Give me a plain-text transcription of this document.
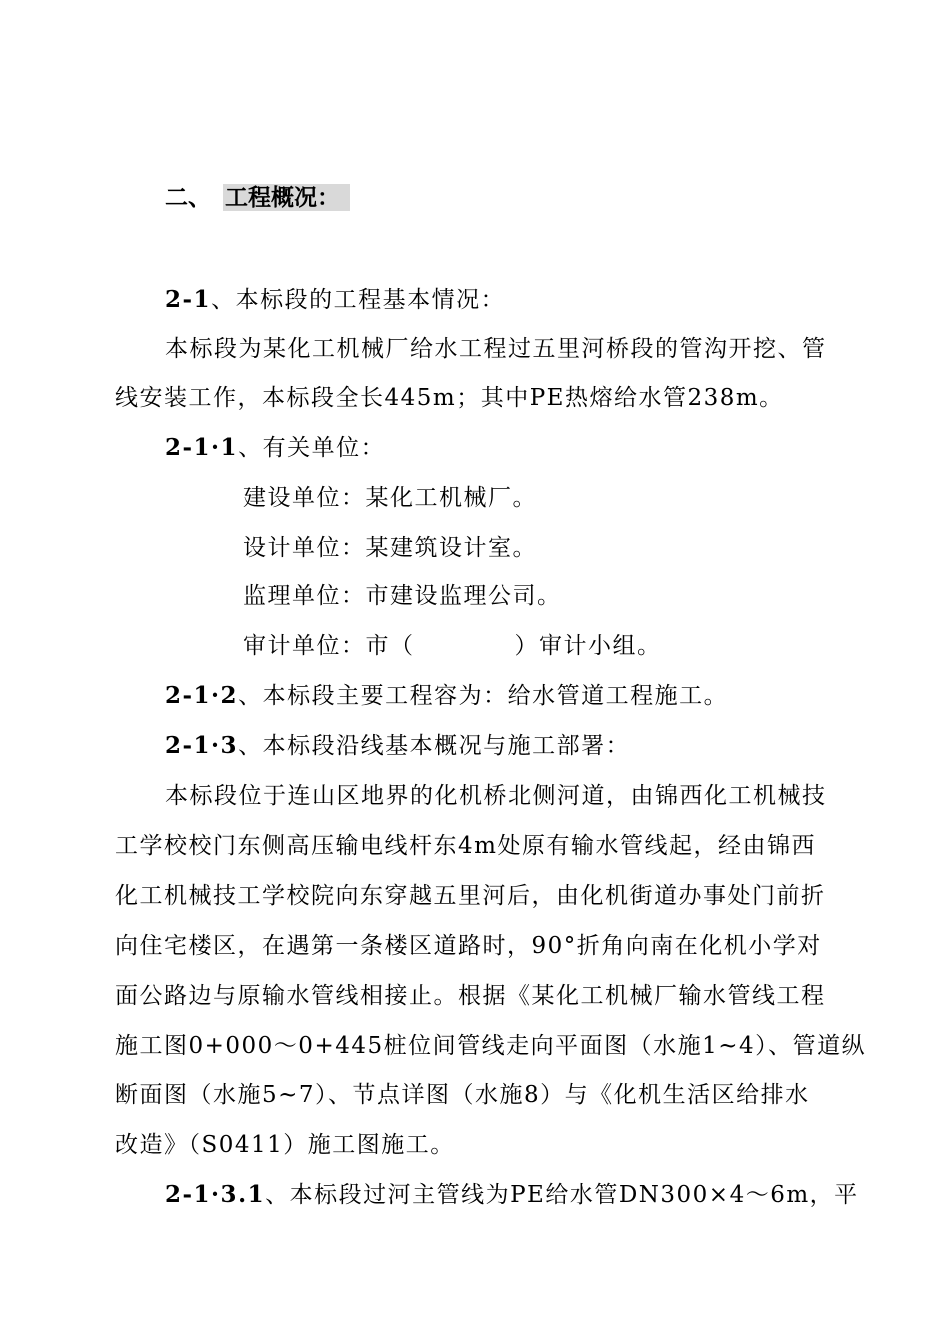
二、 工程概况：
2-1、本标段的工程基本情况：
本标段为某化工机械厂给水工程过五里河桥段的管沟开挖、管
线安装工作，本标段全长445m；其中PE热熔给水管238m。
2-1·1、有关单位：
建设单位：某化工机械厂。
设计单位：某建筑设计室。
监理单位：市建设监理公司。
审计单位：市（	）审计小组。
2-1·2、本标段主要工程容为：给水管道工程施工。
2-1·3、本标段沿线基本概况与施工部署：
本标段位于连山区地界的化机桥北侧河道，由锦西化工机械技
工学校校门东侧高压输电线杆东4m处原有输水管线起，经由锦西
化工机械技工学校院向东穿越五里河后，由化机街道办事处门前折
向住宅楼区，在遇第一条楼区道路时，90°折角向南在化机小学对
面公路边与原输水管线相接止。根据《某化工机械厂输水管线工程
施工图0+000～0+445桩位间管线走向平面图（水施1~4）、管道纵
断面图（水施5~7）、节点详图（水施8）与《化机生活区给排水
改造》（S0411）施工图施工。
2-1·3.1、本标段过河主管线为PE给水管DN300×4～6m，平
